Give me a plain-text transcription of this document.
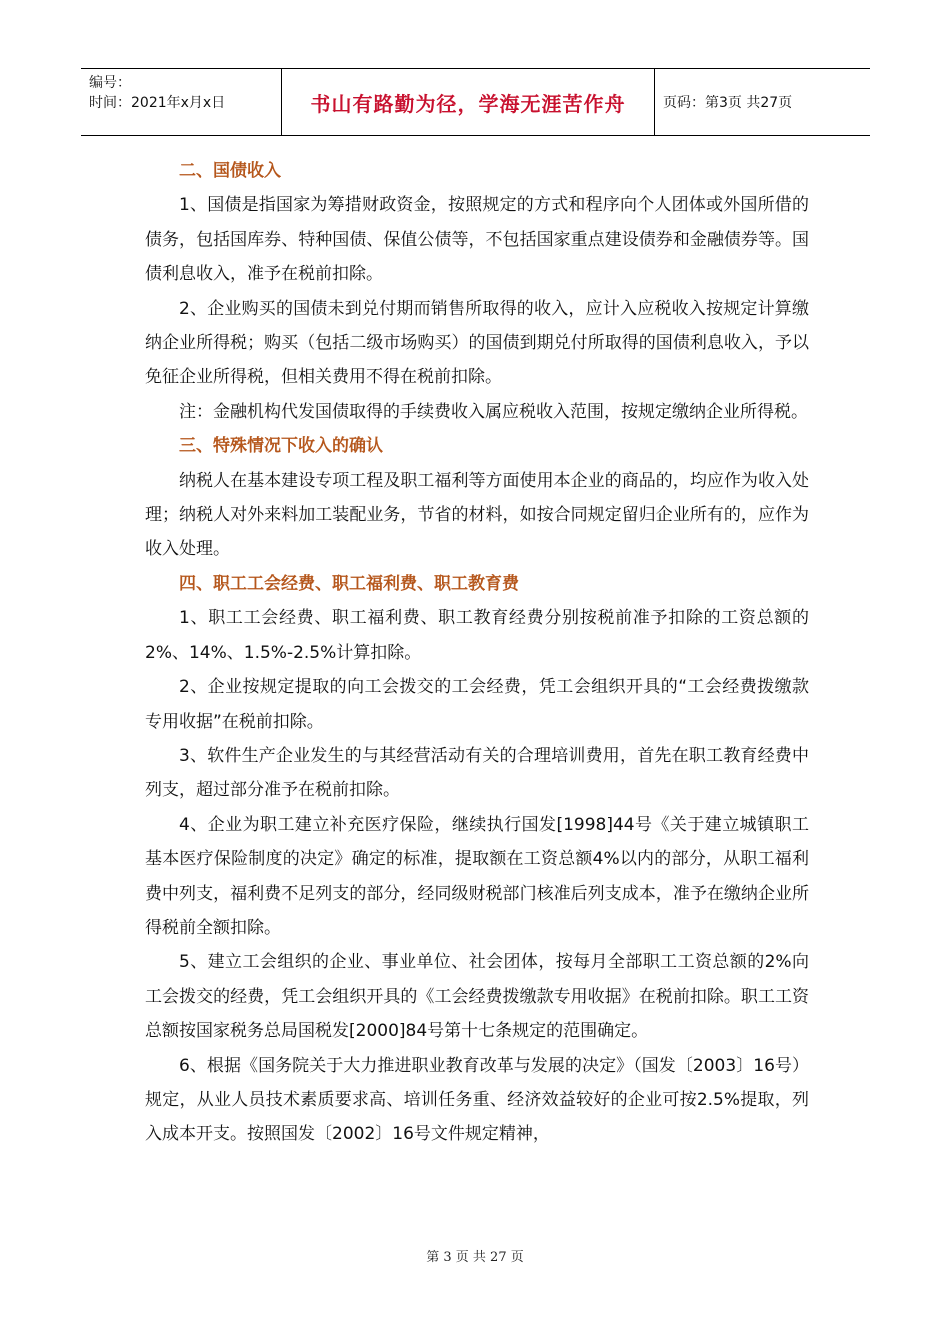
编号：
时间：2021年x月x日	书山有路勤为径，学海无涯苦作舟	页码：第3页 共27页
二、国债收入

1、国债是指国家为筹措财政资金，按照规定的方式和程序向个人团体或外国所借的债务，包括国库券、特种国债、保值公债等，不包括国家重点建设债券和金融债券等。国债利息收入，准予在税前扣除。

2、企业购买的国债未到兑付期而销售所取得的收入，应计入应税收入按规定计算缴纳企业所得税；购买（包括二级市场购买）的国债到期兑付所取得的国债利息收入，予以免征企业所得税，但相关费用不得在税前扣除。

注：金融机构代发国债取得的手续费收入属应税收入范围，按规定缴纳企业所得税。

三、特殊情况下收入的确认

纳税人在基本建设专项工程及职工福利等方面使用本企业的商品的，均应作为收入处理；纳税人对外来料加工装配业务，节省的材料，如按合同规定留归企业所有的，应作为收入处理。

四、职工工会经费、职工福利费、职工教育费

1、职工工会经费、职工福利费、职工教育经费分别按税前准予扣除的工资总额的2%、14%、1.5%-2.5%计算扣除。

2、企业按规定提取的向工会拨交的工会经费，凭工会组织开具的“工会经费拨缴款专用收据”在税前扣除。

3、软件生产企业发生的与其经营活动有关的合理培训费用，首先在职工教育经费中列支，超过部分准予在税前扣除。

4、企业为职工建立补充医疗保险，继续执行国发[1998]44号《关于建立城镇职工基本医疗保险制度的决定》确定的标准，提取额在工资总额4%以内的部分，从职工福利费中列支，福利费不足列支的部分，经同级财税部门核准后列支成本，准予在缴纳企业所得税前全额扣除。

5、建立工会组织的企业、事业单位、社会团体，按每月全部职工工资总额的2%向工会拨交的经费，凭工会组织开具的《工会经费拨缴款专用收据》在税前扣除。职工工资总额按国家税务总局国税发[2000]84号第十七条规定的范围确定。

6、根据《国务院关于大力推进职业教育改革与发展的决定》（国发〔2003〕16号）规定，从业人员技术素质要求高、培训任务重、经济效益较好的企业可按2.5%提取，列入成本开支。按照国发〔2002〕16号文件规定精神，

第 3 页 共 27 页
